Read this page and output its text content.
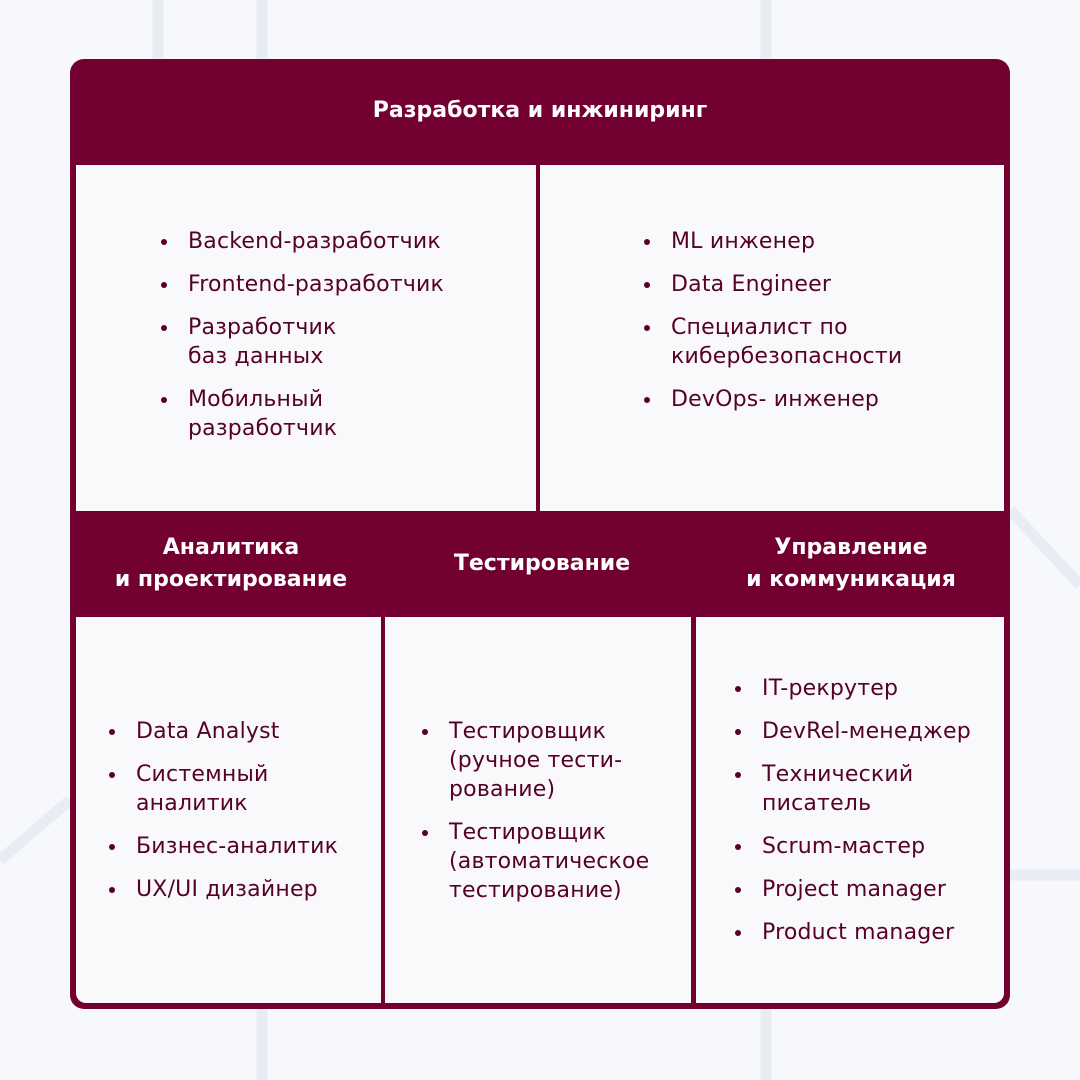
Разработка и инжиниринг
Backend-разработчик
Frontend-разработчик
Разработчик
баз данных
Мобильный
разработчик
ML инженер
Data Engineer
Специалист по
кибербезопасности
DevOps- инженер
Аналитика
и проектирование
Тестирование
Управление
и коммуникация
Data Analyst
Системный
аналитик
Бизнес-аналитик
UX/UI дизайнер
Тестировщик
(ручное тести-
рование)
Тестировщик
(автоматическое
тестирование)
IT-рекрутер
DevRel-менеджер
Технический
писатель
Scrum-мастер
Project manager
Product manager
